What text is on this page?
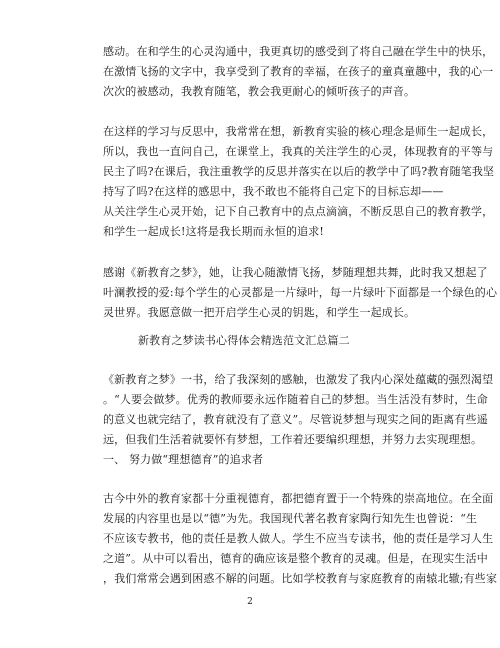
感动。在和学生的心灵沟通中，我更真切的感受到了将自己融在学生中的快乐，
在激情飞扬的文字中，我享受到了教育的幸福，在孩子的童真童趣中，我的心一
次次的被感动，我教育随笔，教会我更耐心的倾听孩子的声音。
在这样的学习与反思中，我常常在想，新教育实验的核心理念是师生一起成长，
所以，我也一直问自己，在课堂上，我真的关注学生的心灵，体现教育的平等与
民主了吗?在课后，我注重教学的反思并落实在以后的教学中了吗?教育随笔我坚
持写了吗?在这样的感思中，我不敢也不能将自己定下的目标忘却——
从关注学生心灵开始，记下自己教育中的点点滴滴，不断反思自己的教育教学，
和学生一起成长!这将是我长期而永恒的追求!
感谢《新教育之梦》，她，让我心随激情飞扬，梦随理想共舞，此时我又想起了
叶澜教授的爱:每个学生的心灵都是一片绿叶，每一片绿叶下面都是一个绿色的心
灵世界。我愿意做一把开启学生心灵的钥匙，和学生一起成长。
新教育之梦读书心得体会精选范文汇总篇二
《新教育之梦》一书，给了我深刻的感触，也激发了我内心深处蕴藏的强烈渴望
。“人要会做梦。优秀的教师要永远作随着自己的梦想。当生活没有梦时，生命
的意义也就完结了，教育就没有了意义”。尽管说梦想与现实之间的距离有些遥
远，但我们生活着就要怀有梦想，工作着还要编织理想，并努力去实现理想。
一、 努力做“理想德育”的追求者
古今中外的教育家都十分重视德育，都把德育置于一个特殊的崇高地位。在全面
发展的内容里也是以“德”为先。我国现代著名教育家陶行知先生也曾说：“生
不应该专教书，他的责任是教人做人。学生不应当专读书，他的责任是学习人生
之道”。从中可以看出，德育的确应该是整个教育的灵魂。但是，在现实生活中
，我们常常会遇到困惑不解的问题。比如学校教育与家庭教育的南辕北辙;有些家
2
